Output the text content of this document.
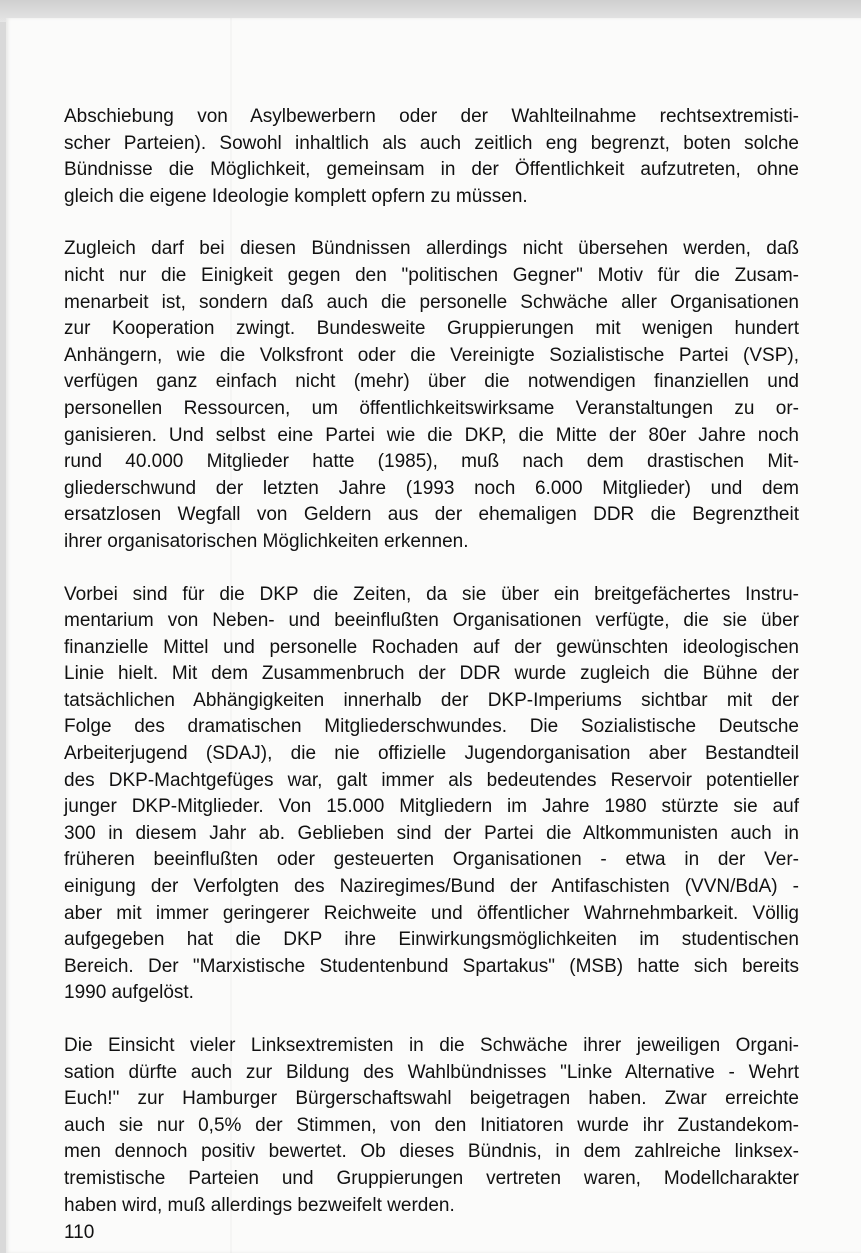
Abschiebung von Asylbewerbern oder der Wahlteilnahme rechtsextremisti-
scher Parteien). Sowohl inhaltlich als auch zeitlich eng begrenzt, boten solche
Bündnisse die Möglichkeit, gemeinsam in der Öffentlichkeit aufzutreten, ohne
gleich die eigene Ideologie komplett opfern zu müssen.

Zugleich darf bei diesen Bündnissen allerdings nicht übersehen werden, daß
nicht nur die Einigkeit gegen den "politischen Gegner" Motiv für die Zusam-
menarbeit ist, sondern daß auch die personelle Schwäche aller Organisationen
zur Kooperation zwingt. Bundesweite Gruppierungen mit wenigen hundert
Anhängern, wie die Volksfront oder die Vereinigte Sozialistische Partei (VSP),
verfügen ganz einfach nicht (mehr) über die notwendigen finanziellen und
personellen Ressourcen, um öffentlichkeitswirksame Veranstaltungen zu or-
ganisieren. Und selbst eine Partei wie die DKP, die Mitte der 80er Jahre noch
rund 40.000 Mitglieder hatte (1985), muß nach dem drastischen Mit-
gliederschwund der letzten Jahre (1993 noch 6.000 Mitglieder) und dem
ersatzlosen Wegfall von Geldern aus der ehemaligen DDR die Begrenztheit
ihrer organisatorischen Möglichkeiten erkennen.

Vorbei sind für die DKP die Zeiten, da sie über ein breitgefächertes Instru-
mentarium von Neben- und beeinflußten Organisationen verfügte, die sie über
finanzielle Mittel und personelle Rochaden auf der gewünschten ideologischen
Linie hielt. Mit dem Zusammenbruch der DDR wurde zugleich die Bühne der
tatsächlichen Abhängigkeiten innerhalb der DKP-Imperiums sichtbar mit der
Folge des dramatischen Mitgliederschwundes. Die Sozialistische Deutsche
Arbeiterjugend (SDAJ), die nie offizielle Jugendorganisation aber Bestandteil
des DKP-Machtgefüges war, galt immer als bedeutendes Reservoir potentieller
junger DKP-Mitglieder. Von 15.000 Mitgliedern im Jahre 1980 stürzte sie auf
300 in diesem Jahr ab. Geblieben sind der Partei die Altkommunisten auch in
früheren beeinflußten oder gesteuerten Organisationen - etwa in der Ver-
einigung der Verfolgten des Naziregimes/Bund der Antifaschisten (VVN/BdA) -
aber mit immer geringerer Reichweite und öffentlicher Wahrnehmbarkeit. Völlig
aufgegeben hat die DKP ihre Einwirkungsmöglichkeiten im studentischen
Bereich. Der "Marxistische Studentenbund Spartakus" (MSB) hatte sich bereits
1990 aufgelöst.

Die Einsicht vieler Linksextremisten in die Schwäche ihrer jeweiligen Organi-
sation dürfte auch zur Bildung des Wahlbündnisses "Linke Alternative - Wehrt
Euch!" zur Hamburger Bürgerschaftswahl beigetragen haben. Zwar erreichte
auch sie nur 0,5% der Stimmen, von den Initiatoren wurde ihr Zustandekom-
men dennoch positiv bewertet. Ob dieses Bündnis, in dem zahlreiche linksex-
tremistische Parteien und Gruppierungen vertreten waren, Modellcharakter
haben wird, muß allerdings bezweifelt werden.

110
